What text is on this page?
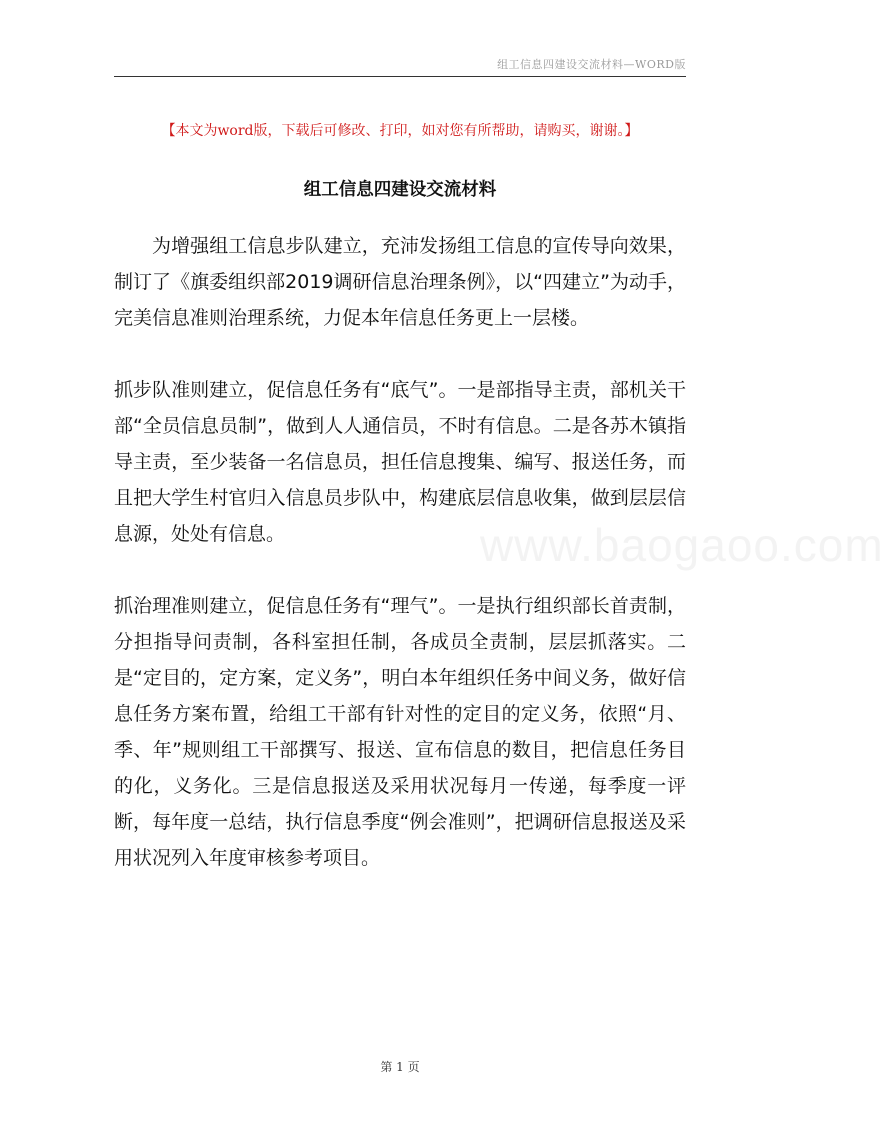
组工信息四建设交流材料—WORD版
【本文为word版，下载后可修改、打印，如对您有所帮助，请购买，谢谢。】
组工信息四建设交流材料

为增强组工信息步队建立，充沛发扬组工信息的宣传导向效果，制订了《旗委组织部2019调研信息治理条例》，以“四建立”为动手，完美信息准则治理系统，力促本年信息任务更上一层楼。

抓步队准则建立，促信息任务有“底气”。一是部指导主责，部机关干部“全员信息员制”，做到人人通信员，不时有信息。二是各苏木镇指导主责，至少装备一名信息员，担任信息搜集、编写、报送任务，而且把大学生村官归入信息员步队中，构建底层信息收集，做到层层信息源，处处有信息。

抓治理准则建立，促信息任务有“理气”。一是执行组织部长首责制，分担指导问责制，各科室担任制，各成员全责制，层层抓落实。二是“定目的，定方案，定义务”，明白本年组织任务中间义务，做好信息任务方案布置，给组工干部有针对性的定目的定义务，依照“月、季、年”规则组工干部撰写、报送、宣布信息的数目，把信息任务目的化，义务化。三是信息报送及采用状况每月一传递，每季度一评断，每年度一总结，执行信息季度“例会准则”，把调研信息报送及采用状况列入年度审核参考项目。

www.baogaoo.com
第 1 页
